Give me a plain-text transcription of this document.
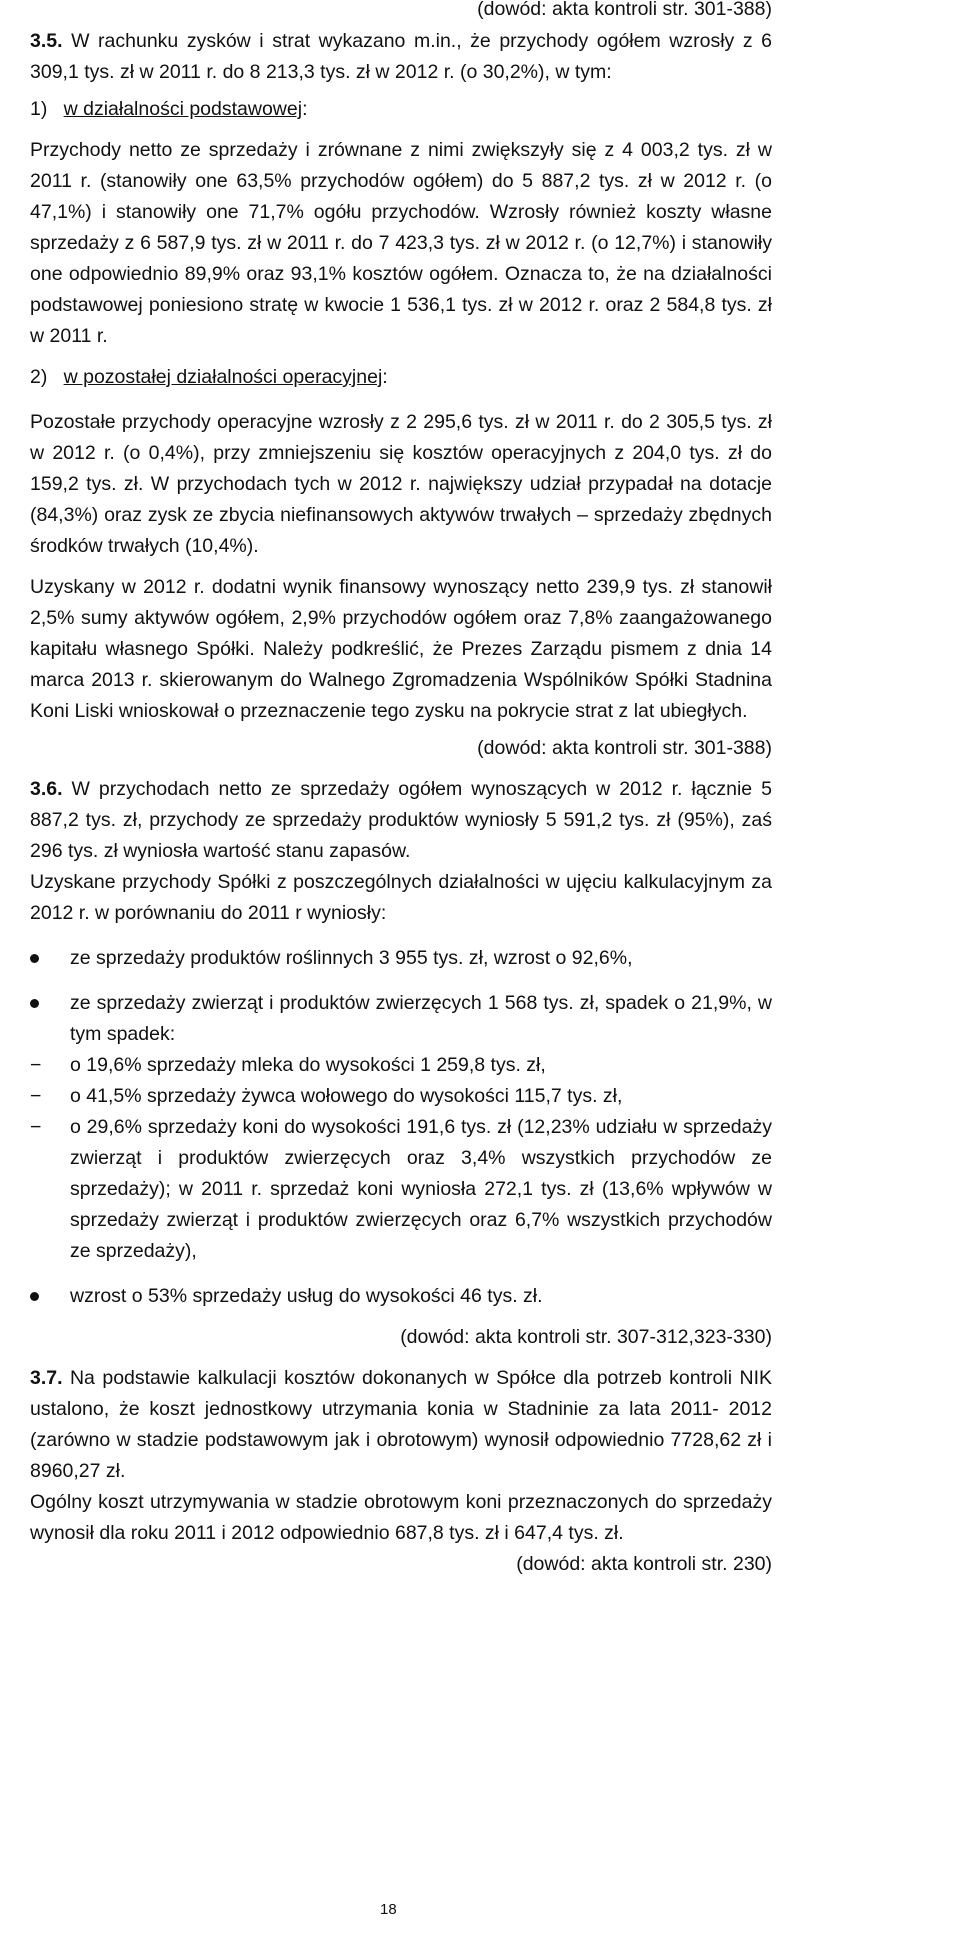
(dowód: akta kontroli str. 301-388)

3.5. W rachunku zysków i strat wykazano m.in., że przychody ogółem wzrosły z 6 309,1 tys. zł w 2011 r. do 8 213,3 tys. zł w 2012 r. (o 30,2%), w tym:

1) w działalności podstawowej:

Przychody netto ze sprzedaży i zrównane z nimi zwiększyły się z 4 003,2 tys. zł w 2011 r. (stanowiły one 63,5% przychodów ogółem) do 5 887,2 tys. zł w 2012 r. (o 47,1%) i stanowiły one 71,7% ogółu przychodów. Wzrosły również koszty własne sprzedaży z 6 587,9 tys. zł w 2011 r. do 7 423,3 tys. zł w 2012 r. (o 12,7%) i stanowiły one odpowiednio 89,9% oraz 93,1% kosztów ogółem. Oznacza to, że na działalności podstawowej poniesiono stratę w kwocie 1 536,1 tys. zł w 2012 r. oraz 2 584,8 tys. zł w 2011 r.

2) w pozostałej działalności operacyjnej:

Pozostałe przychody operacyjne wzrosły z 2 295,6 tys. zł w 2011 r. do 2 305,5 tys. zł w 2012 r. (o 0,4%), przy zmniejszeniu się kosztów operacyjnych z 204,0 tys. zł do 159,2 tys. zł. W przychodach tych w 2012 r. największy udział przypadał na dotacje (84,3%) oraz zysk ze zbycia niefinansowych aktywów trwałych – sprzedaży zbędnych środków trwałych (10,4%).

Uzyskany w 2012 r. dodatni wynik finansowy wynoszący netto 239,9 tys. zł stanowił 2,5% sumy aktywów ogółem, 2,9% przychodów ogółem oraz 7,8% zaangażowanego kapitału własnego Spółki. Należy podkreślić, że Prezes Zarządu pismem z dnia 14 marca 2013 r. skierowanym do Walnego Zgromadzenia Wspólników Spółki Stadnina Koni Liski wnioskował o przeznaczenie tego zysku na pokrycie strat z lat ubiegłych.

(dowód: akta kontroli str. 301-388)

3.6. W przychodach netto ze sprzedaży ogółem wynoszących w 2012 r. łącznie 5 887,2 tys. zł, przychody ze sprzedaży produktów wyniosły 5 591,2 tys. zł (95%), zaś 296 tys. zł wyniosła wartość stanu zapasów.

Uzyskane przychody Spółki z poszczególnych działalności w ujęciu kalkulacyjnym za 2012 r. w porównaniu do 2011 r wyniosły:

ze sprzedaży produktów roślinnych 3 955 tys. zł, wzrost o 92,6%,
ze sprzedaży zwierząt i produktów zwierzęcych 1 568 tys. zł, spadek o 21,9%, w tym spadek:
−	o 19,6% sprzedaży mleka do wysokości 1 259,8 tys. zł,
−	o 41,5% sprzedaży żywca wołowego do wysokości 115,7 tys. zł,
−	o 29,6% sprzedaży koni do wysokości 191,6 tys. zł (12,23% udziału w sprzedaży zwierząt i produktów zwierzęcych oraz 3,4% wszystkich przychodów ze sprzedaży); w 2011 r. sprzedaż koni wyniosła 272,1 tys. zł (13,6% wpływów w sprzedaży zwierząt i produktów zwierzęcych oraz 6,7% wszystkich przychodów ze sprzedaży),
wzrost o 53% sprzedaży usług do wysokości 46 tys. zł.

(dowód: akta kontroli str. 307-312,323-330)

3.7. Na podstawie kalkulacji kosztów dokonanych w Spółce dla potrzeb kontroli NIK ustalono, że koszt jednostkowy utrzymania konia w Stadninie za lata 2011- 2012 (zarówno w stadzie podstawowym jak i obrotowym) wynosił odpowiednio 7728,62 zł i 8960,27 zł.

Ogólny koszt utrzymywania w stadzie obrotowym koni przeznaczonych do sprzedaży wynosił dla roku 2011 i 2012 odpowiednio 687,8 tys. zł i 647,4 tys. zł.

(dowód: akta kontroli str. 230)

18
